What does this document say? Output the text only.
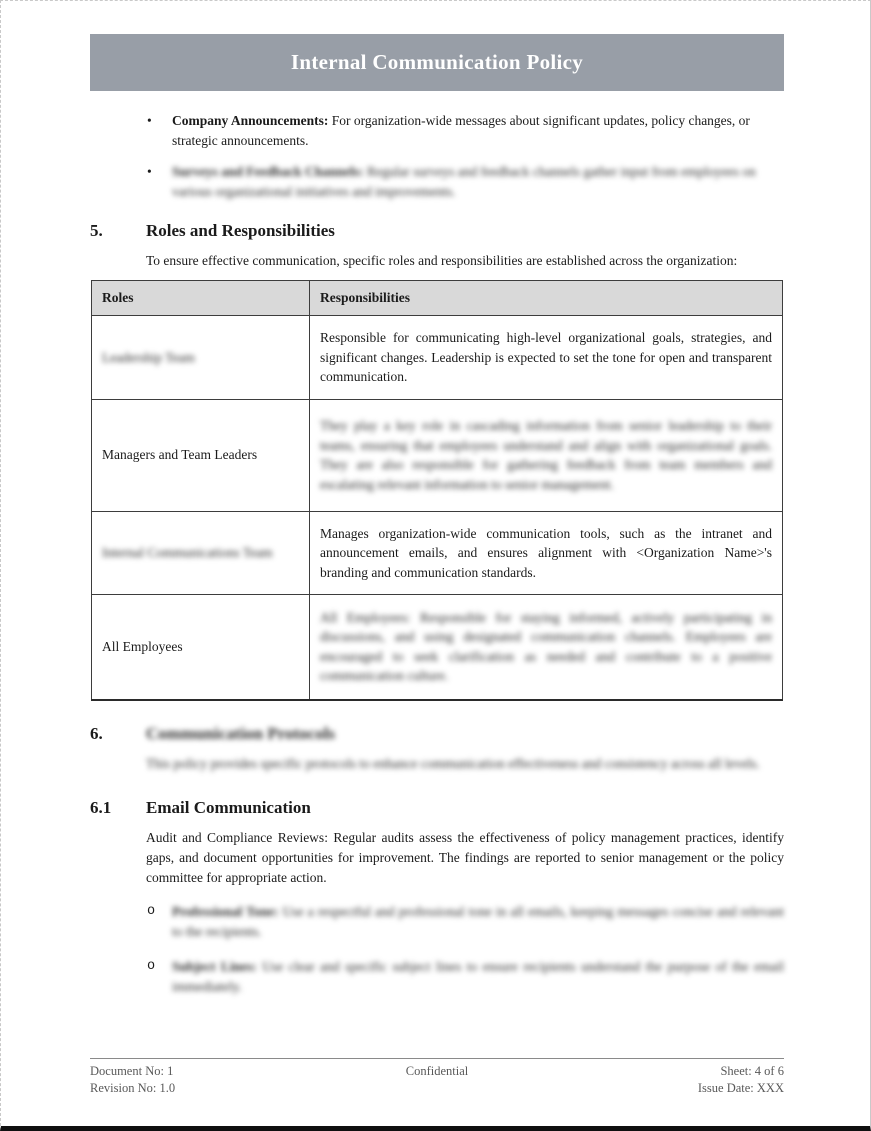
Internal Communication Policy
•	Company Announcements: For organization-wide messages about significant updates, policy changes, or strategic announcements.
•	Surveys and Feedback Channels: Regular surveys and feedback channels gather input from employees on various organizational initiatives and improvements.
5.	Roles and Responsibilities

To ensure effective communication, specific roles and responsibilities are established across the organization:

Roles	Responsibilities
Leadership Team	Responsible for communicating high-level organizational goals, strategies, and significant changes. Leadership is expected to set the tone for open and transparent communication.
Managers and Team Leaders	They play a key role in cascading information from senior leadership to their teams, ensuring that employees understand and align with organizational goals. They are also responsible for gathering feedback from team members and escalating relevant information to senior management.
Internal Communications Team	Manages organization-wide communication tools, such as the intranet and announcement emails, and ensures alignment with <Organization Name>'s branding and communication standards.
All Employees	All Employees: Responsible for staying informed, actively participating in discussions, and using designated communication channels. Employees are encouraged to seek clarification as needed and contribute to a positive communication culture.
6.	Communication Protocols

This policy provides specific protocols to enhance communication effectiveness and consistency across all levels.

6.1	Email Communication

Audit and Compliance Reviews: Regular audits assess the effectiveness of policy management practices, identify gaps, and document opportunities for improvement. The findings are reported to senior management or the policy committee for appropriate action.

o	Professional Tone: Use a respectful and professional tone in all emails, keeping messages concise and relevant to the recipients.
o	Subject Lines: Use clear and specific subject lines to ensure recipients understand the purpose of the email immediately.
Document No: 1
Revision No: 1.0
Confidential	Sheet: 4 of 6
Issue Date: XXX
